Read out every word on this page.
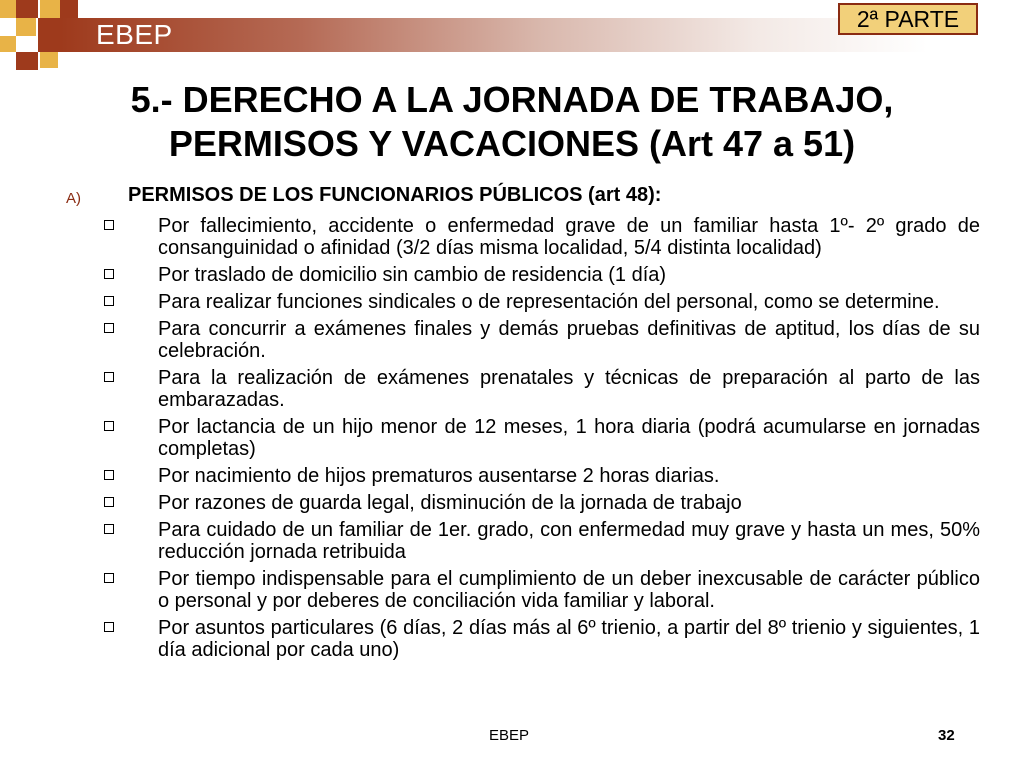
EBEP	2ª PARTE
5.- DERECHO A LA JORNADA DE TRABAJO,
PERMISOS Y VACACIONES (Art 47 a 51)
A) PERMISOS DE LOS FUNCIONARIOS PÚBLICOS (art 48):
Por fallecimiento, accidente o enfermedad grave de un familiar hasta 1º- 2º grado de consanguinidad o afinidad (3/2 días misma localidad, 5/4 distinta localidad)
Por traslado de domicilio sin cambio de residencia (1 día)
Para realizar funciones sindicales o de representación del personal, como se determine.
Para concurrir a exámenes finales y demás pruebas definitivas de aptitud, los días de su celebración.
Para la realización de exámenes prenatales y técnicas de preparación al parto de las embarazadas.
Por lactancia de un hijo menor de 12 meses, 1 hora diaria (podrá acumularse en jornadas completas)
Por nacimiento de hijos prematuros ausentarse 2 horas diarias.
Por razones de guarda legal, disminución de la jornada de trabajo
Para cuidado de un familiar de 1er. grado, con enfermedad muy grave y hasta un mes, 50% reducción jornada retribuida
Por tiempo indispensable para el cumplimiento de un deber inexcusable de carácter público o personal y por deberes de conciliación vida familiar y laboral.
Por asuntos particulares (6 días, 2 días más al 6º trienio, a partir del 8º trienio y siguientes, 1 día adicional por cada uno)
EBEP	32
